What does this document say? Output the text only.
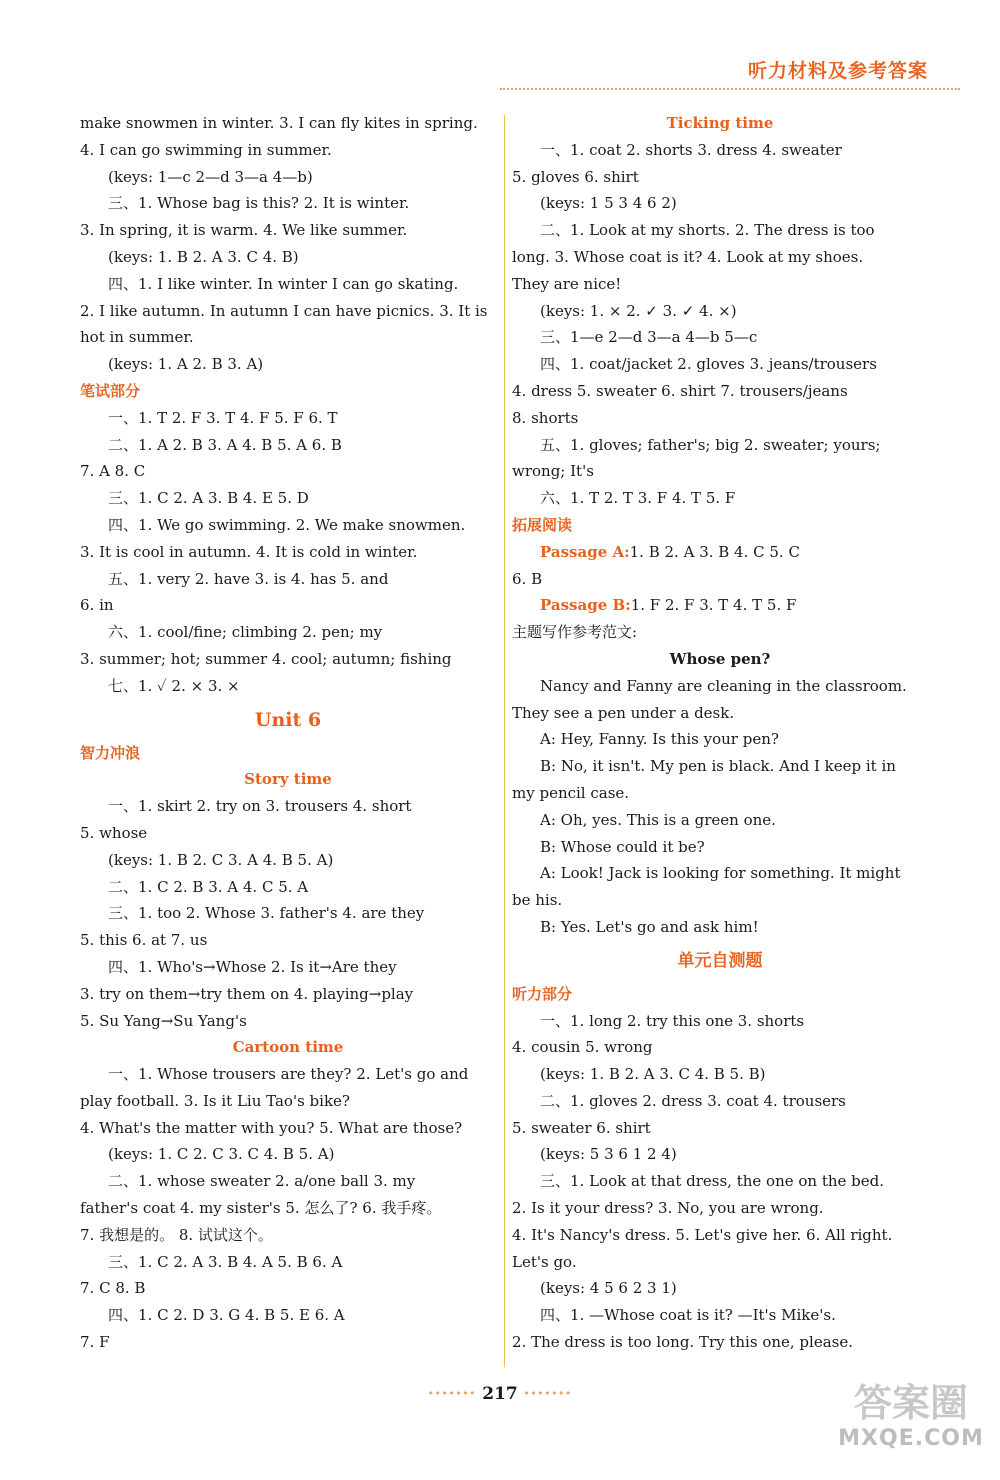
听力材料及参考答案
make snowmen in winter. 3. I can fly kites in spring.
4. I can go swimming in summer.
(keys: 1—c 2—d 3—a 4—b)
三、1. Whose bag is this? 2. It is winter.
3. In spring, it is warm. 4. We like summer.
(keys: 1. B 2. A 3. C 4. B)
四、1. I like winter. In winter I can go skating.
2. I like autumn. In autumn I can have picnics. 3. It is
hot in summer.
(keys: 1. A 2. B 3. A)
笔试部分
一、1. T 2. F 3. T 4. F 5. F 6. T
二、1. A 2. B 3. A 4. B 5. A 6. B
7. A 8. C
三、1. C 2. A 3. B 4. E 5. D
四、1. We go swimming. 2. We make snowmen.
3. It is cool in autumn. 4. It is cold in winter.
五、1. very 2. have 3. is 4. has 5. and
6. in
六、1. cool/fine; climbing 2. pen; my
3. summer; hot; summer 4. cool; autumn; fishing
七、1. ✓ 2. × 3. ×
Unit 6
智力冲浪
Story time
一、1. skirt 2. try on 3. trousers 4. short
5. whose
(keys: 1. B 2. C 3. A 4. B 5. A)
二、1. C 2. B 3. A 4. C 5. A
三、1. too 2. Whose 3. father's 4. are they
5. this 6. at 7. us
四、1. Who's→Whose 2. Is it→Are they
3. try on them→try them on 4. playing→play
5. Su Yang→Su Yang's
Cartoon time
一、1. Whose trousers are they? 2. Let's go and
play football. 3. Is it Liu Tao's bike?
4. What's the matter with you? 5. What are those?
(keys: 1. C 2. C 3. C 4. B 5. A)
二、1. whose sweater 2. a/one ball 3. my
father's coat 4. my sister's 5. 怎么了? 6. 我手疼。
7. 我想是的。 8. 试试这个。
三、1. C 2. A 3. B 4. A 5. B 6. A
7. C 8. B
四、1. C 2. D 3. G 4. B 5. E 6. A
7. F
Ticking time
一、1. coat 2. shorts 3. dress 4. sweater
5. gloves 6. shirt
(keys: 1 5 3 4 6 2)
二、1. Look at my shorts. 2. The dress is too
long. 3. Whose coat is it? 4. Look at my shoes.
They are nice!
(keys: 1. × 2. ✓ 3. ✓ 4. ×)
三、1—e 2—d 3—a 4—b 5—c
四、1. coat/jacket 2. gloves 3. jeans/trousers
4. dress 5. sweater 6. shirt 7. trousers/jeans
8. shorts
五、1. gloves; father's; big 2. sweater; yours;
wrong; It's
六、1. T 2. T 3. F 4. T 5. F
拓展阅读
Passage A:1. B 2. A 3. B 4. C 5. C
6. B
Passage B:1. F 2. F 3. T 4. T 5. F
主题写作参考范文:
Whose pen?
Nancy and Fanny are cleaning in the classroom.
They see a pen under a desk.
A: Hey, Fanny. Is this your pen?
B: No, it isn't. My pen is black. And I keep it in
my pencil case.
A: Oh, yes. This is a green one.
B: Whose could it be?
A: Look! Jack is looking for something. It might
be his.
B: Yes. Let's go and ask him!
单元自测题
听力部分
一、1. long 2. try this one 3. shorts
4. cousin 5. wrong
(keys: 1. B 2. A 3. C 4. B 5. B)
二、1. gloves 2. dress 3. coat 4. trousers
5. sweater 6. shirt
(keys: 5 3 6 1 2 4)
三、1. Look at that dress, the one on the bed.
2. Is it your dress? 3. No, you are wrong.
4. It's Nancy's dress. 5. Let's give her. 6. All right.
Let's go.
(keys: 4 5 6 2 3 1)
四、1. —Whose coat is it? —It's Mike's.
2. The dress is too long. Try this one, please.
······· 217 ·······	答案圈
MXQE.COM
